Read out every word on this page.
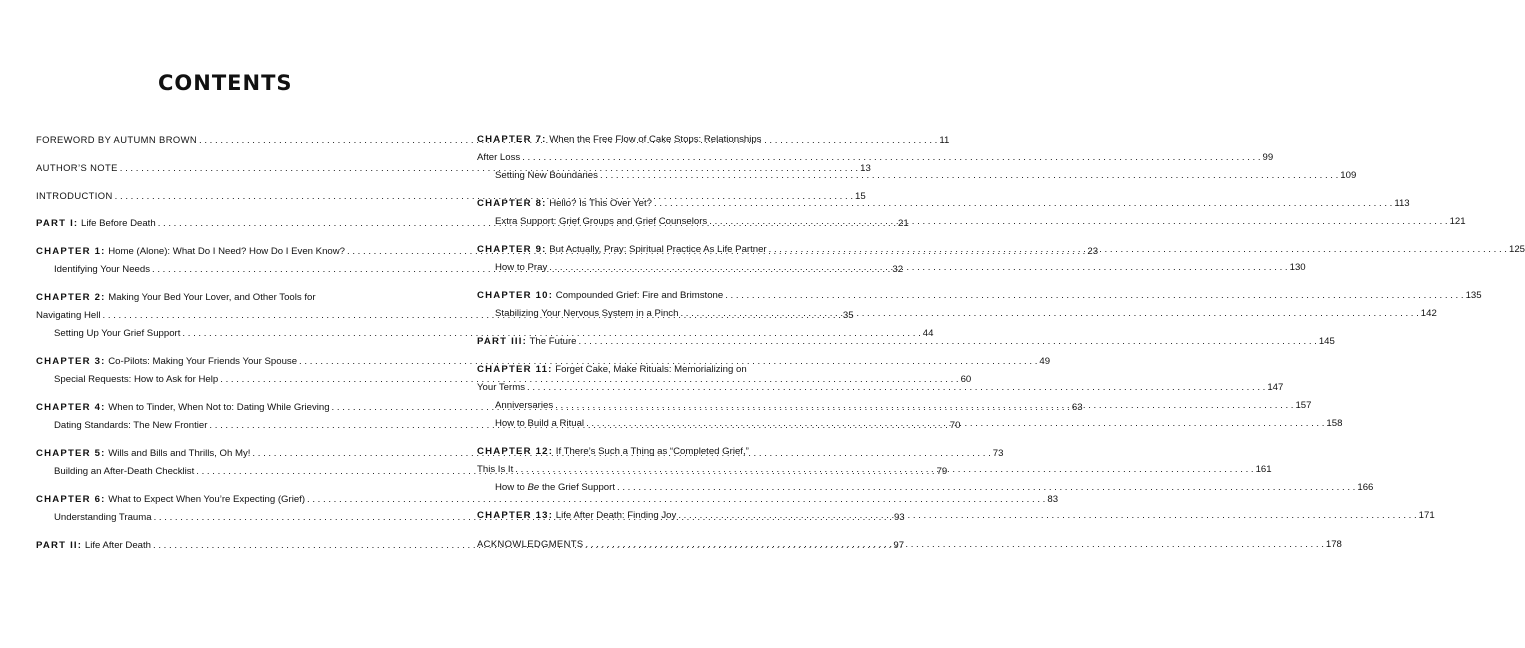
CONTENTS
FOREWORD BY AUTUMN BROWN . . .	11
AUTHOR’S NOTE . . .	13
INTRODUCTION . . .	15
PART I: Life Before Death . . .	21
CHAPTER 1: Home (Alone): What Do I Need? How Do I Even Know? . . .	23
Identifying Your Needs . . .	32
CHAPTER 2: Making Your Bed Your Lover, and Other Tools for
Navigating Hell . . .	35
Setting Up Your Grief Support . . .	44
CHAPTER 3: Co-Pilots: Making Your Friends Your Spouse . . .	49
Special Requests: How to Ask for Help . . .	60
CHAPTER 4: When to Tinder, When Not to: Dating While Grieving . . .	63
Dating Standards: The New Frontier . . .	70
CHAPTER 5: Wills and Bills and Thrills, Oh My! . . .	73
Building an After-Death Checklist . . .	79
CHAPTER 6: What to Expect When You’re Expecting (Grief) . . .	83
Understanding Trauma . . .	93
PART II: Life After Death . . .	97
CHAPTER 7: When the Free Flow of Cake Stops: Relationships
After Loss . . .	99
Setting New Boundaries . . .	109
CHAPTER 8: Hello? Is This Over Yet? . . .	113
Extra Support: Grief Groups and Grief Counselors . . .	121
CHAPTER 9: But Actually, Pray: Spiritual Practice As Life Partner . . .	125
How to Pray . . .	130
CHAPTER 10: Compounded Grief: Fire and Brimstone . . .	135
Stabilizing Your Nervous System in a Pinch . . .	142
PART III: The Future . . .	145
CHAPTER 11: Forget Cake, Make Rituals: Memorializing on
Your Terms . . .	147
Anniversaries . . .	157
How to Build a Ritual . . .	158
CHAPTER 12: If There’s Such a Thing as “Completed Grief,”
This Is It . . .	161
How to Be the Grief Support . . .	166
CHAPTER 13: Life After Death: Finding Joy . . .	171
ACKNOWLEDGMENTS . . .	178
